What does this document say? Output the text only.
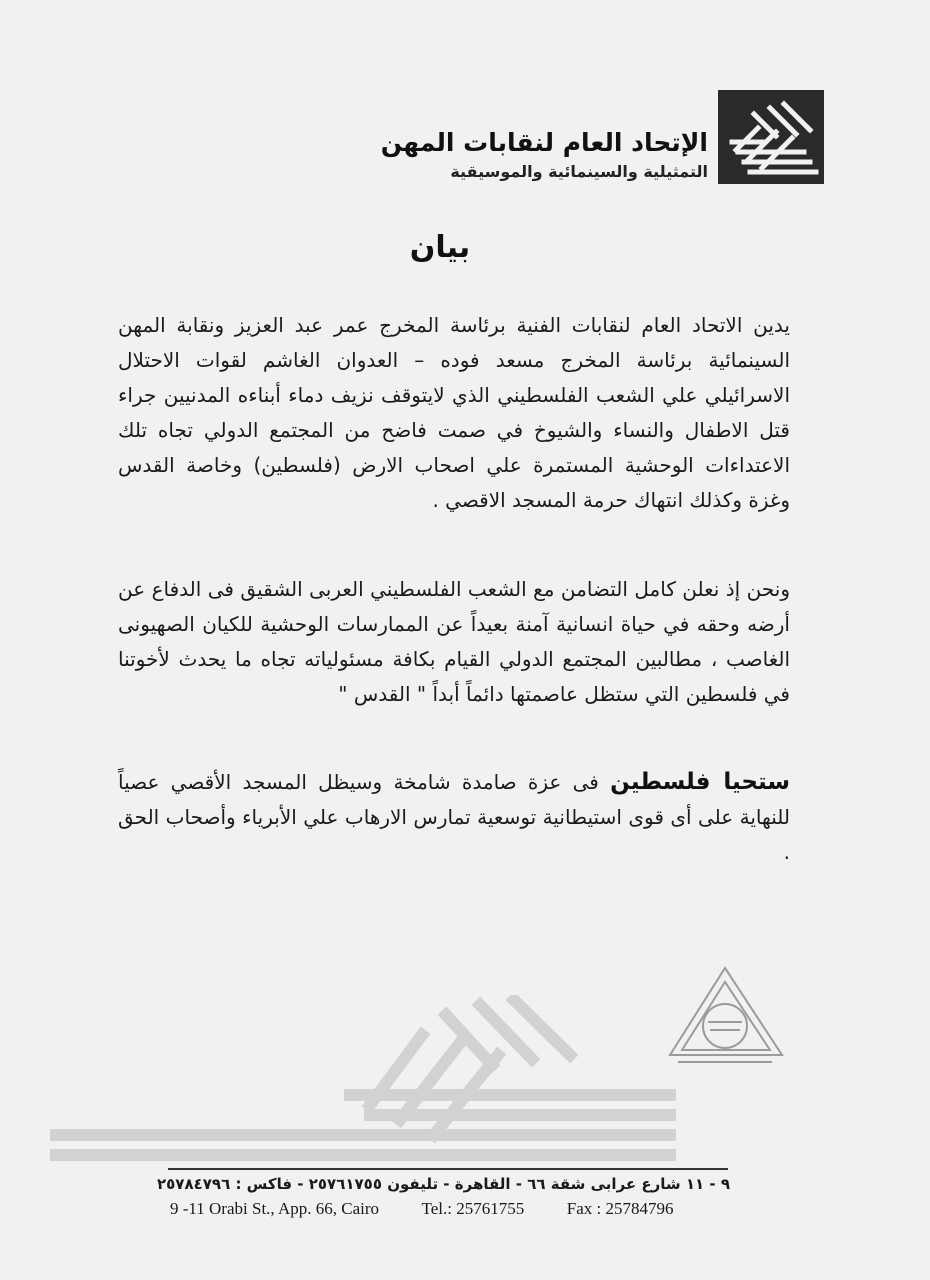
الإتحاد العام لنقابات المهن
التمثيلية والسينمائية والموسيقية
بيان
يدين الاتحاد العام لنقابات الفنية برئاسة المخرج عمر عبد العزيز ونقابة المهن السينمائية برئاسة المخرج مسعد فوده – العدوان الغاشم لقوات الاحتلال الاسرائيلي علي الشعب الفلسطيني الذي لايتوقف نزيف دماء أبناءه المدنيين جراء قتل الاطفال والنساء والشيوخ في صمت فاضح من المجتمع الدولي تجاه تلك الاعتداءات الوحشية المستمرة علي اصحاب الارض (فلسطين) وخاصة القدس وغزة وكذلك انتهاك حرمة المسجد الاقصي .
ونحن إذ نعلن كامل التضامن مع الشعب الفلسطيني العربى الشقيق فى الدفاع عن أرضه وحقه في حياة انسانية آمنة بعيداً عن الممارسات الوحشية للكيان الصهيونى الغاصب ، مطالبين المجتمع الدولي القيام بكافة مسئولياته تجاه ما يحدث لأخوتنا في فلسطين التي ستظل عاصمتها دائماً أبداً " القدس "
ستحيا فلسطين فى عزة صامدة شامخة وسيظل المسجد الأقصي عصياً للنهاية على أى قوى استيطانية توسعية تمارس الارهاب علي الأبرياء وأصحاب الحق .
٩ - ١١ شارع عرابى شقة ٦٦ - القاهرة - تليفون ٢٥٧٦١٧٥٥ - فاكس : ٢٥٧٨٤٧٩٦
9 -11 Orabi St., App. 66, Cairo	Tel.: 25761755	Fax : 25784796
